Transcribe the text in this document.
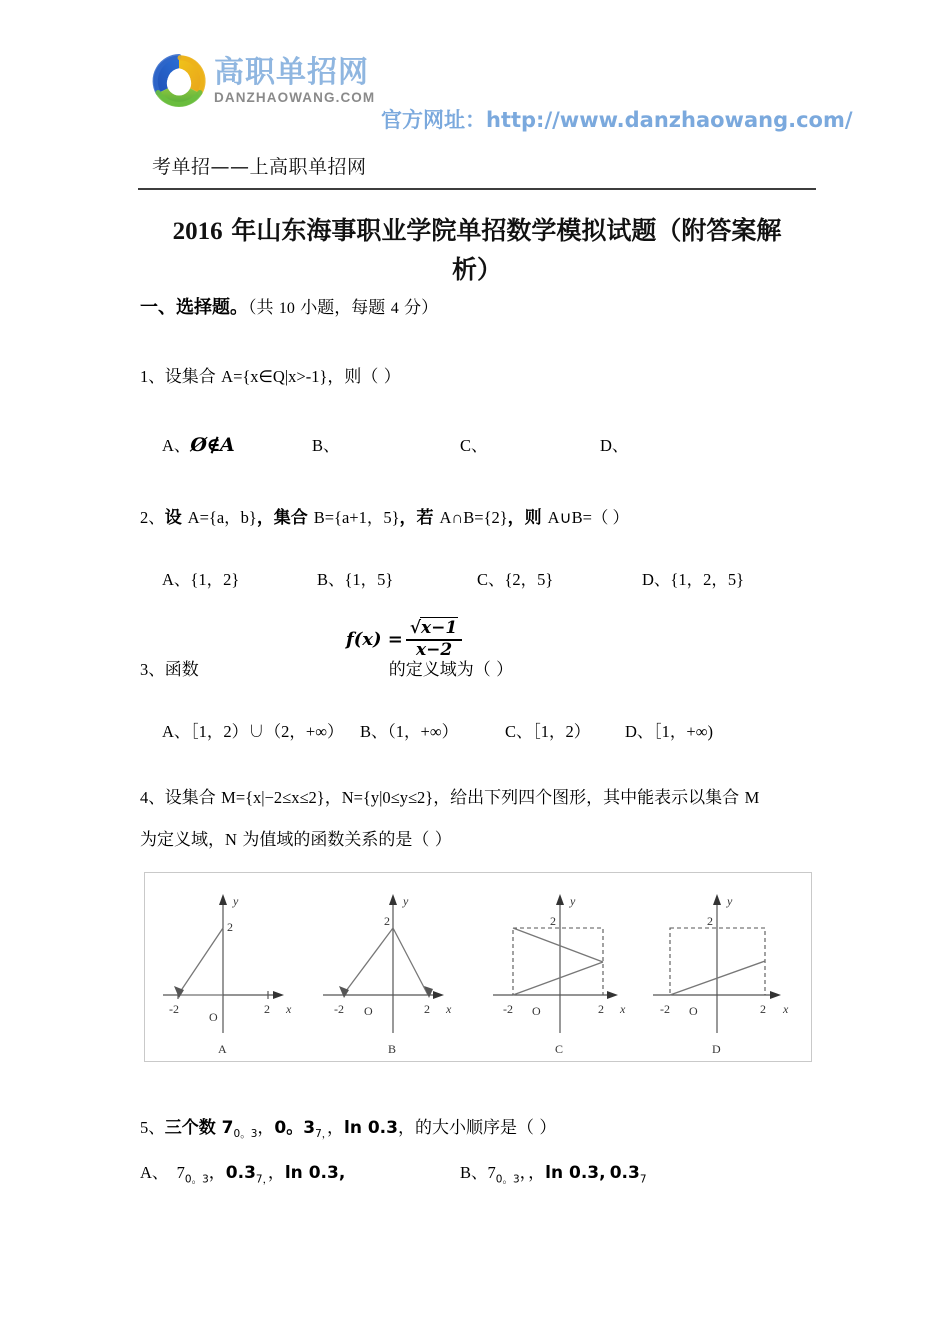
高职单招网
DANZHAOWANG.COM
官方网址：http://www.danzhaowang.com/
考单招——上高职单招网
2016 年山东海事职业学院单招数学模拟试题（附答案解
析）
一、选择题。（共 10 小题，每题 4 分）
1、设集合 A={x∈Q|x>-1}，则（ ）
A、Ø∉A	B、	C、	D、
2、设 A={a，b}，集合 B={a+1，5}，若 A∩B={2}，则 A∪B=（ ）
A、{1，2}	B、{1，5}	C、{2，5}	D、{1，2，5}
3、函数	的定义域为（ ）
$f(x) = \frac{√x-1}{x-2}$
A、［1，2）∪（2，+∞） B、（1，+∞）	C、［1，2） D、［1，+∞)
4、设集合 M={x|−2≤x≤2}，N={y|0≤y≤2}，给出下列四个图形，其中能表示以集合 M
为定义域，N 为值域的函数关系的是（ ）
-2	2 x
y
2
O
A
-2	2 x
y
2
O
B
-2	2 x
y
2
O
C
-2	2 x
y
2
O
D
5、三个数 $7_{0。3}$，0。$3_{7,}$，ln 0.3，的大小顺序是（ ）
A、 $7_{0。3}$，$0.3_{7,}$，ln 0.3,	B、$7_{0。3}$，，ln 0.3, $0.3_7$
